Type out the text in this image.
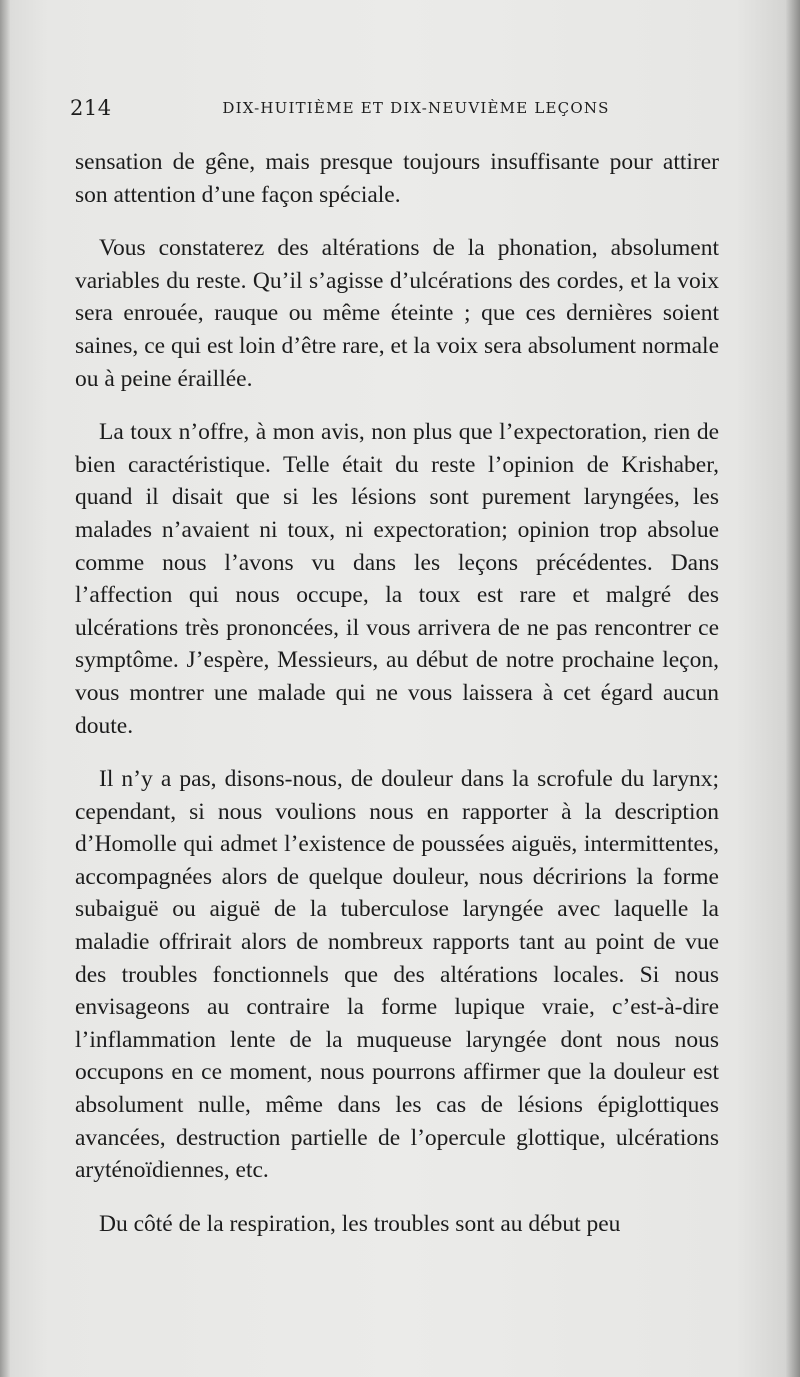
214	DIX-HUITIÈME ET DIX-NEUVIÈME LEÇONS

sensation de gêne, mais presque toujours insuffisante pour attirer son attention d’une façon spéciale.

Vous constaterez des altérations de la phonation, absolument variables du reste. Qu’il s’agisse d’ulcérations des cordes, et la voix sera enrouée, rauque ou même éteinte ; que ces dernières soient saines, ce qui est loin d’être rare, et la voix sera absolument normale ou à peine éraillée.

La toux n’offre, à mon avis, non plus que l’expectoration, rien de bien caractéristique. Telle était du reste l’opinion de Krishaber, quand il disait que si les lésions sont purement laryngées, les malades n’avaient ni toux, ni expectoration; opinion trop absolue comme nous l’avons vu dans les leçons précédentes. Dans l’affection qui nous occupe, la toux est rare et malgré des ulcérations très prononcées, il vous arrivera de ne pas rencontrer ce symptôme. J’espère, Messieurs, au début de notre prochaine leçon, vous montrer une malade qui ne vous laissera à cet égard aucun doute.

Il n’y a pas, disons-nous, de douleur dans la scrofule du larynx; cependant, si nous voulions nous en rapporter à la description d’Homolle qui admet l’existence de poussées aiguës, intermittentes, accompagnées alors de quelque douleur, nous décririons la forme subaiguë ou aiguë de la tuberculose laryngée avec laquelle la maladie offrirait alors de nombreux rapports tant au point de vue des troubles fonctionnels que des altérations locales. Si nous envisageons au contraire la forme lupique vraie, c’est-à-dire l’inflammation lente de la muqueuse laryngée dont nous nous occupons en ce moment, nous pourrons affirmer que la douleur est absolument nulle, même dans les cas de lésions épiglottiques avancées, destruction partielle de l’opercule glottique, ulcérations aryténoïdiennes, etc.

Du côté de la respiration, les troubles sont au début peu
